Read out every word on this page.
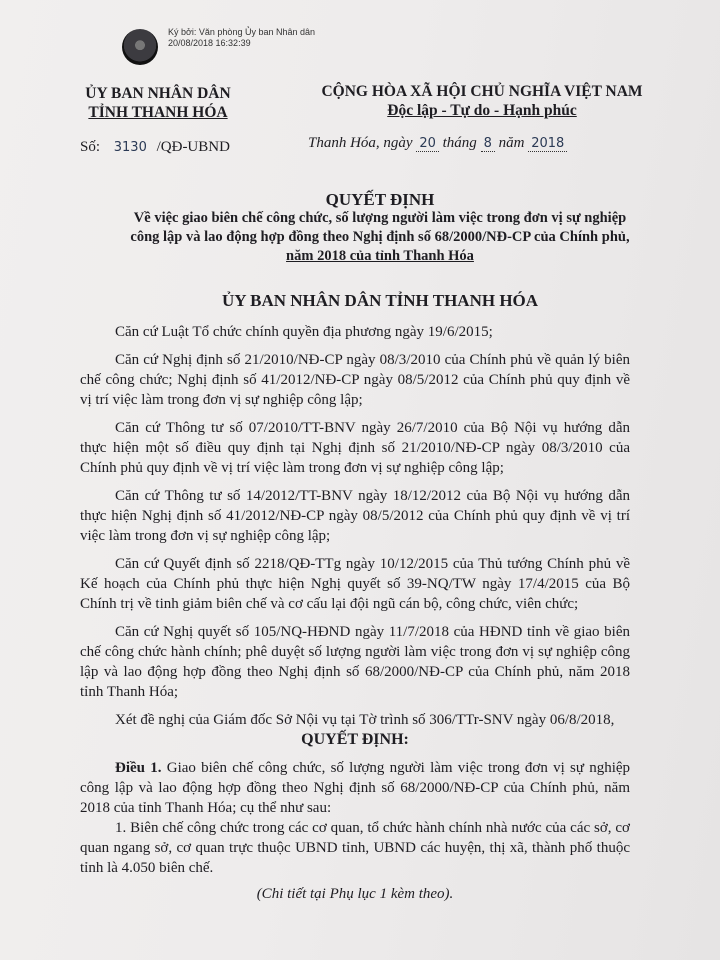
Ký bởi: Văn phòng Ủy ban Nhân dân
20/08/2018 16:32:39
ỦY BAN NHÂN DÂN
TỈNH THANH HÓA
CỘNG HÒA XÃ HỘI CHỦ NGHĨA VIỆT NAM
Độc lập - Tự do - Hạnh phúc
Số: 3130 /QĐ-UBND	Thanh Hóa, ngày 20 tháng 8 năm 2018
QUYẾT ĐỊNH
Về việc giao biên chế công chức, số lượng người làm việc trong đơn vị sự nghiệp
công lập và lao động hợp đồng theo Nghị định số 68/2000/NĐ-CP của Chính phủ,
năm 2018 của tỉnh Thanh Hóa
ỦY BAN NHÂN DÂN TỈNH THANH HÓA

Căn cứ Luật Tổ chức chính quyền địa phương ngày 19/6/2015;

Căn cứ Nghị định số 21/2010/NĐ-CP ngày 08/3/2010 của Chính phủ về quản lý biên chế công chức; Nghị định số 41/2012/NĐ-CP ngày 08/5/2012 của Chính phủ quy định về vị trí việc làm trong đơn vị sự nghiệp công lập;

Căn cứ Thông tư số 07/2010/TT-BNV ngày 26/7/2010 của Bộ Nội vụ hướng dẫn thực hiện một số điều quy định tại Nghị định số 21/2010/NĐ-CP ngày 08/3/2010 của Chính phủ quy định về vị trí việc làm trong đơn vị sự nghiệp công lập;

Căn cứ Thông tư số 14/2012/TT-BNV ngày 18/12/2012 của Bộ Nội vụ hướng dẫn thực hiện Nghị định số 41/2012/NĐ-CP ngày 08/5/2012 của Chính phủ quy định về vị trí việc làm trong đơn vị sự nghiệp công lập;

Căn cứ Quyết định số 2218/QĐ-TTg ngày 10/12/2015 của Thủ tướng Chính phủ về Kế hoạch của Chính phủ thực hiện Nghị quyết số 39-NQ/TW ngày 17/4/2015 của Bộ Chính trị về tinh giảm biên chế và cơ cấu lại đội ngũ cán bộ, công chức, viên chức;

Căn cứ Nghị quyết số 105/NQ-HĐND ngày 11/7/2018 của HĐND tỉnh về giao biên chế công chức hành chính; phê duyệt số lượng người làm việc trong đơn vị sự nghiệp công lập và lao động hợp đồng theo Nghị định số 68/2000/NĐ-CP của Chính phủ, năm 2018 tỉnh Thanh Hóa;

Xét đề nghị của Giám đốc Sở Nội vụ tại Tờ trình số 306/TTr-SNV ngày 06/8/2018,

QUYẾT ĐỊNH:

Điều 1. Giao biên chế công chức, số lượng người làm việc trong đơn vị sự nghiệp công lập và lao động hợp đồng theo Nghị định số 68/2000/NĐ-CP của Chính phủ, năm 2018 của tỉnh Thanh Hóa; cụ thể như sau:

1. Biên chế công chức trong các cơ quan, tổ chức hành chính nhà nước của các sở, cơ quan ngang sở, cơ quan trực thuộc UBND tỉnh, UBND các huyện, thị xã, thành phố thuộc tỉnh là 4.050 biên chế.

(Chi tiết tại Phụ lục 1 kèm theo).
